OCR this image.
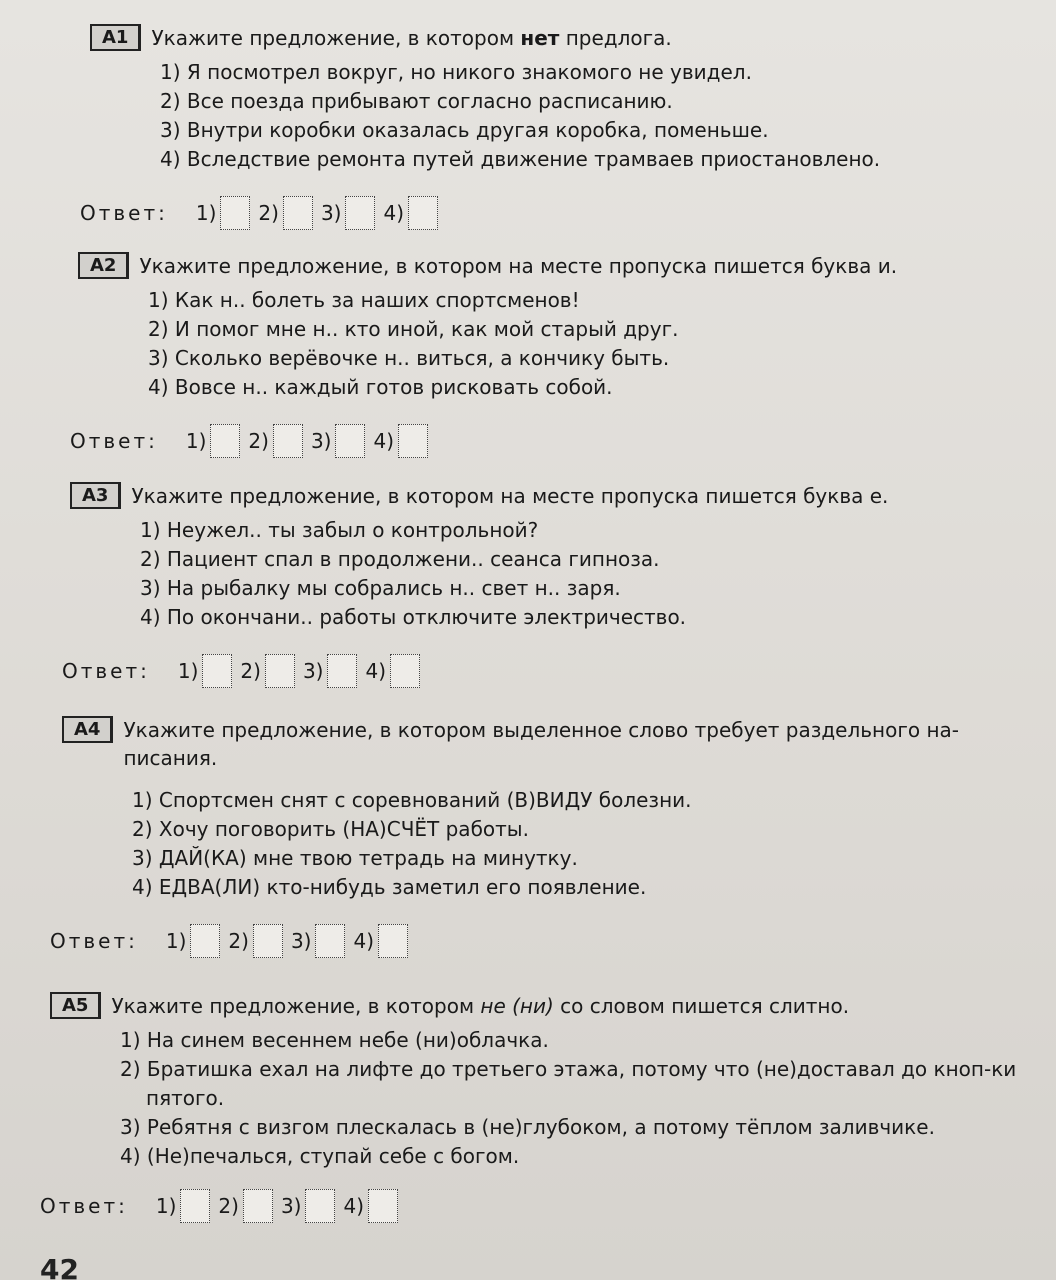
А1	Укажите предложение, в котором нет предлога.
1) Я посмотрел вокруг, но никого знакомого не увидел.
2) Все поезда прибывают согласно расписанию.
3) Внутри коробки оказалась другая коробка, поменьше.
4) Вследствие ремонта путей движение трамваев приостановлено.
Ответ: 1) 2) 3) 4)
А2	Укажите предложение, в котором на месте пропуска пишется буква и.
1) Как н.. болеть за наших спортсменов!
2) И помог мне н.. кто иной, как мой старый друг.
3) Сколько верёвочке н.. виться, а кончику быть.
4) Вовсе н.. каждый готов рисковать собой.
Ответ: 1) 2) 3) 4)
А3	Укажите предложение, в котором на месте пропуска пишется буква е.
1) Неужел.. ты забыл о контрольной?
2) Пациент спал в продолжени.. сеанса гипноза.
3) На рыбалку мы собрались н.. свет н.. заря.
4) По окончани.. работы отключите электричество.
Ответ: 1) 2) 3) 4)
А4	Укажите предложение, в котором выделенное слово требует раздельного на-писания.
1) Спортсмен снят с соревнований (В)ВИДУ болезни.
2) Хочу поговорить (НА)СЧЁТ работы.
3) ДАЙ(КА) мне твою тетрадь на минутку.
4) ЕДВА(ЛИ) кто-нибудь заметил его появление.
Ответ: 1) 2) 3) 4)
А5	Укажите предложение, в котором не (ни) со словом пишется слитно.
1) На синем весеннем небе (ни)облачка.
2) Братишка ехал на лифте до третьего этажа, потому что (не)доставал до кноп-ки пятого.
3) Ребятня с визгом плескалась в (не)глубоком, а потому тёплом заливчике.
4) (Не)печалься, ступай себе с богом.
Ответ: 1) 2) 3) 4)
42
